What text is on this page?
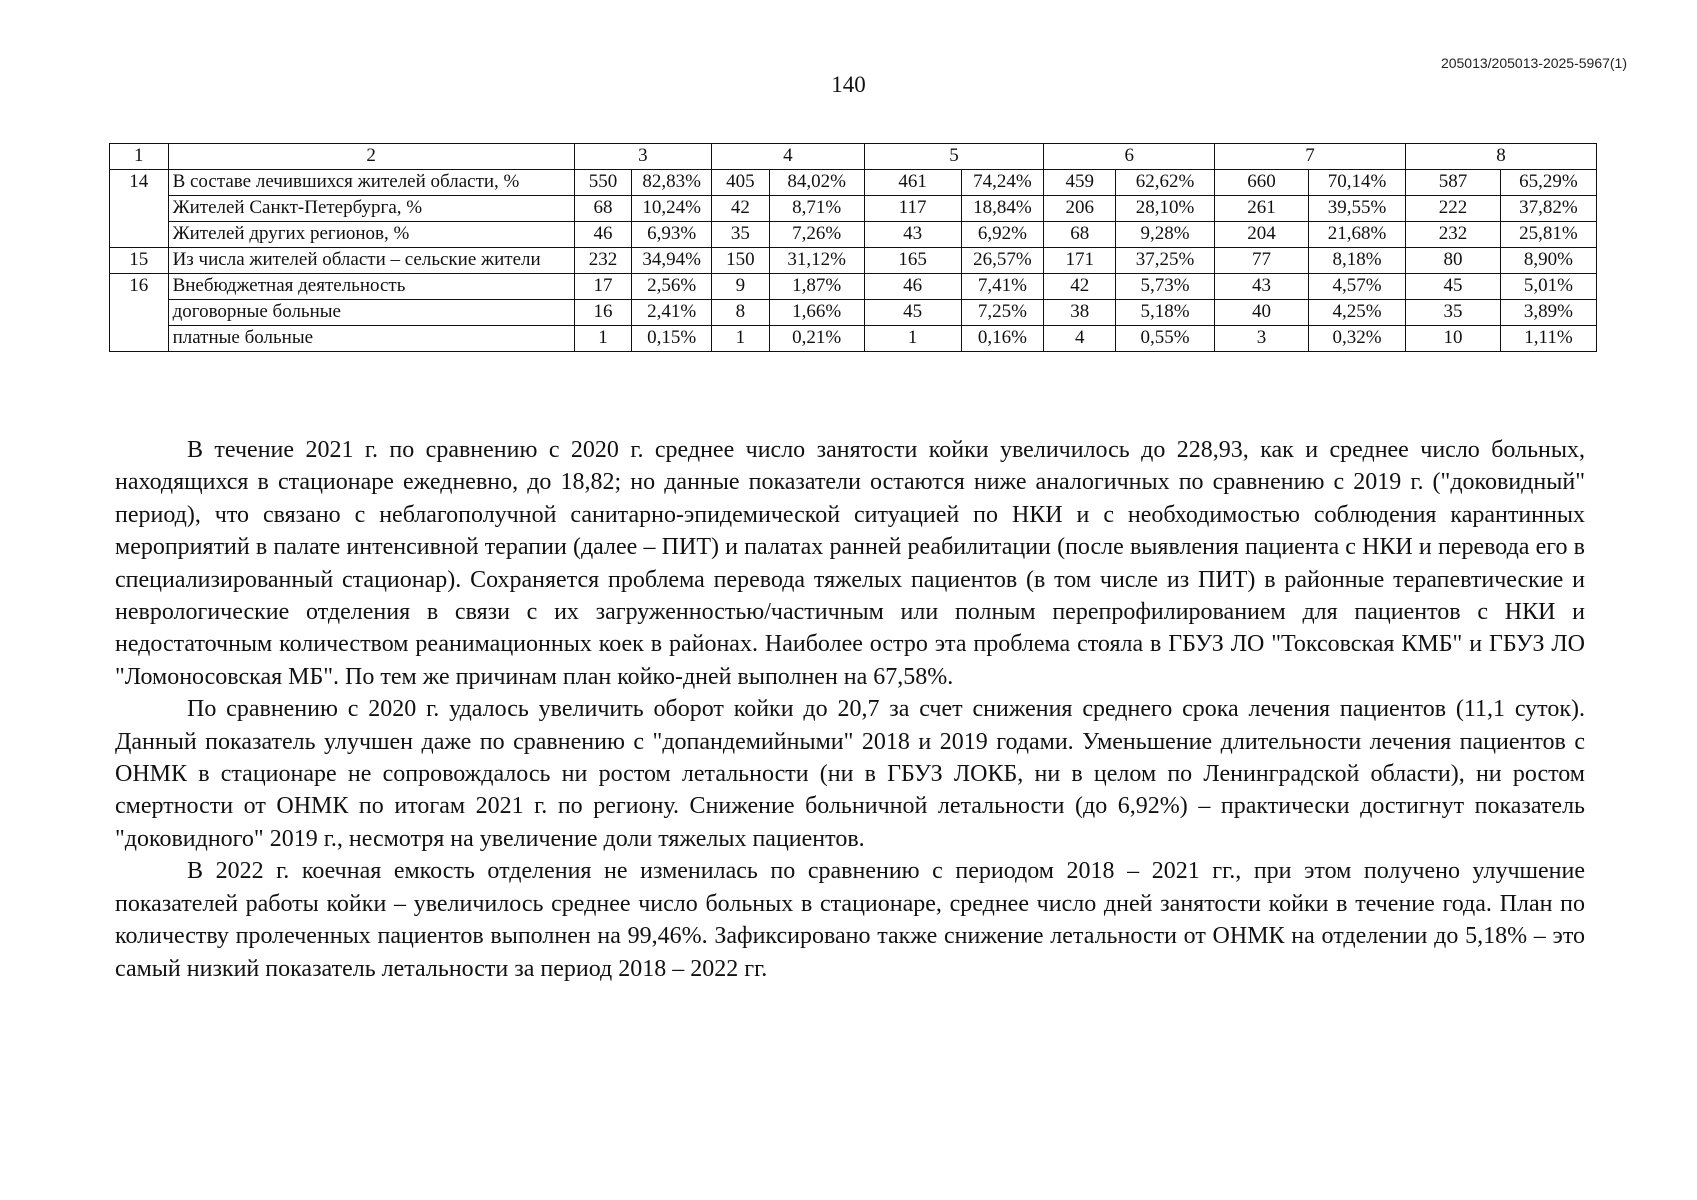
205013/205013-2025-5967(1)
140
1	2	3		4		5		6		7		8	
14	В составе лечившихся жителей области, %	550	82,83%	405	84,02%	461	74,24%	459	62,62%	660	70,14%	587	65,29%
	Жителей Санкт-Петербурга, %	68	10,24%	42	8,71%	117	18,84%	206	28,10%	261	39,55%	222	37,82%
	Жителей других регионов, %	46	6,93%	35	7,26%	43	6,92%	68	9,28%	204	21,68%	232	25,81%
15	Из числа жителей области – сельские жители	232	34,94%	150	31,12%	165	26,57%	171	37,25%	77	8,18%	80	8,90%
16	Внебюджетная деятельность	17	2,56%	9	1,87%	46	7,41%	42	5,73%	43	4,57%	45	5,01%
	договорные больные	16	2,41%	8	1,66%	45	7,25%	38	5,18%	40	4,25%	35	3,89%
	платные больные	1	0,15%	1	0,21%	1	0,16%	4	0,55%	3	0,32%	10	1,11%

В течение 2021 г. по сравнению с 2020 г. среднее число занятости койки увеличилось до 228,93, как и среднее число больных, находящихся в стационаре ежедневно, до 18,82; но данные показатели остаются ниже аналогичных по сравнению с 2019 г. ("доковидный" период), что связано с неблагополучной санитарно-эпидемической ситуацией по НКИ и с необходимостью соблюдения карантинных мероприятий в палате интенсивной терапии (далее – ПИТ) и палатах ранней реабилитации (после выявления пациента с НКИ и перевода его в специализированный стационар). Сохраняется проблема перевода тяжелых пациентов (в том числе из ПИТ) в районные терапевтические и неврологические отделения в связи с их загруженностью/частичным или полным перепрофилированием для пациентов с НКИ и недостаточным количеством реанимационных коек в районах. Наиболее остро эта проблема стояла в ГБУЗ ЛО "Токсовская КМБ" и ГБУЗ ЛО "Ломоносовская МБ". По тем же причинам план койко-дней выполнен на 67,58%.

По сравнению с 2020 г. удалось увеличить оборот койки до 20,7 за счет снижения среднего срока лечения пациентов (11,1 суток). Данный показатель улучшен даже по сравнению с "допандемийными" 2018 и 2019 годами. Уменьшение длительности лечения пациентов с ОНМК в стационаре не сопровождалось ни ростом летальности (ни в ГБУЗ ЛОКБ, ни в целом по Ленинградской области), ни ростом смертности от ОНМК по итогам 2021 г. по региону. Снижение больничной летальности (до 6,92%) – практически достигнут показатель "доковидного" 2019 г., несмотря на увеличение доли тяжелых пациентов.

В 2022 г. коечная емкость отделения не изменилась по сравнению с периодом 2018 – 2021 гг., при этом получено улучшение показателей работы койки – увеличилось среднее число больных в стационаре, среднее число дней занятости койки в течение года. План по количеству пролеченных пациентов выполнен на 99,46%. Зафиксировано также снижение летальности от ОНМК на отделении до 5,18% – это самый низкий показатель летальности за период 2018 – 2022 гг.
